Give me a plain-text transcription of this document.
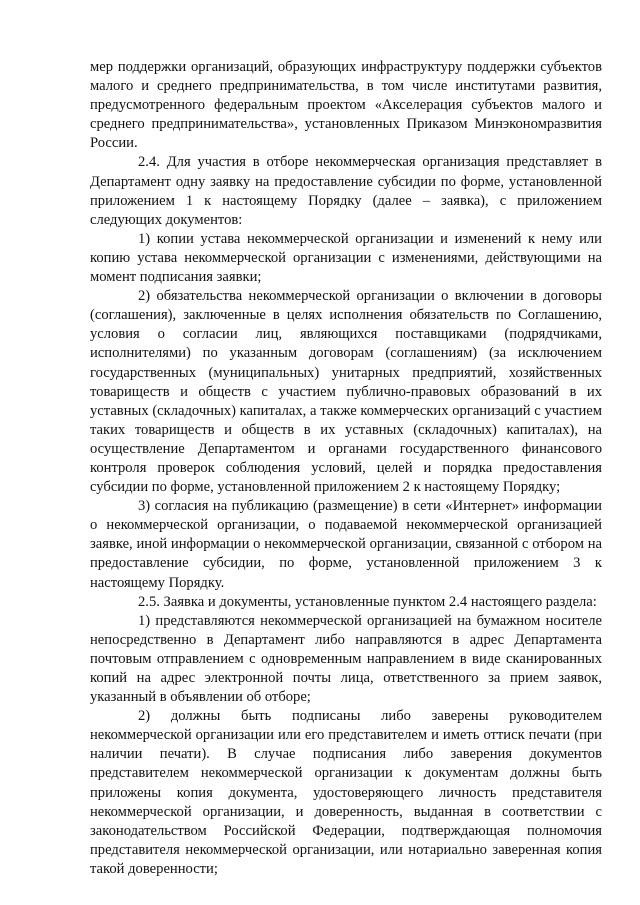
мер поддержки организаций, образующих инфраструктуру поддержки субъектов малого и среднего предпринимательства, в том числе институтами развития, предусмотренного федеральным проектом «Акселерация субъектов малого и среднего предпринимательства», установленных Приказом Минэкономразвития России.

2.4. Для участия в отборе некоммерческая организация представляет в Департамент одну заявку на предоставление субсидии по форме, установленной приложением 1 к настоящему Порядку (далее – заявка), с приложением следующих документов:

1) копии устава некоммерческой организации и изменений к нему или копию устава некоммерческой организации с изменениями, действующими на момент подписания заявки;

2) обязательства некоммерческой организации о включении в договоры (соглашения), заключенные в целях исполнения обязательств по Соглашению, условия о согласии лиц, являющихся поставщиками (подрядчиками, исполнителями) по указанным договорам (соглашениям) (за исключением государственных (муниципальных) унитарных предприятий, хозяйственных товариществ и обществ с участием публично-правовых образований в их уставных (складочных) капиталах, а также коммерческих организаций с участием таких товариществ и обществ в их уставных (складочных) капиталах), на осуществление Департаментом и органами государственного финансового контроля проверок соблюдения условий, целей и порядка предоставления субсидии по форме, установленной приложением 2 к настоящему Порядку;

3) согласия на публикацию (размещение) в сети «Интернет» информации о некоммерческой организации, о подаваемой некоммерческой организацией заявке, иной информации о некоммерческой организации, связанной с отбором на предоставление субсидии, по форме, установленной приложением 3 к настоящему Порядку.

2.5. Заявка и документы, установленные пунктом 2.4 настоящего раздела:

1) представляются некоммерческой организацией на бумажном носителе непосредственно в Департамент либо направляются в адрес Департамента почтовым отправлением с одновременным направлением в виде сканированных копий на адрес электронной почты лица, ответственного за прием заявок, указанный в объявлении об отборе;

2) должны быть подписаны либо заверены руководителем некоммерческой организации или его представителем и иметь оттиск печати (при наличии печати). В случае подписания либо заверения документов представителем некоммерческой организации к документам должны быть приложены копия документа, удостоверяющего личность представителя некоммерческой организации, и доверенность, выданная в соответствии с законодательством Российской Федерации, подтверждающая полномочия представителя некоммерческой организации, или нотариально заверенная копия такой доверенности;
